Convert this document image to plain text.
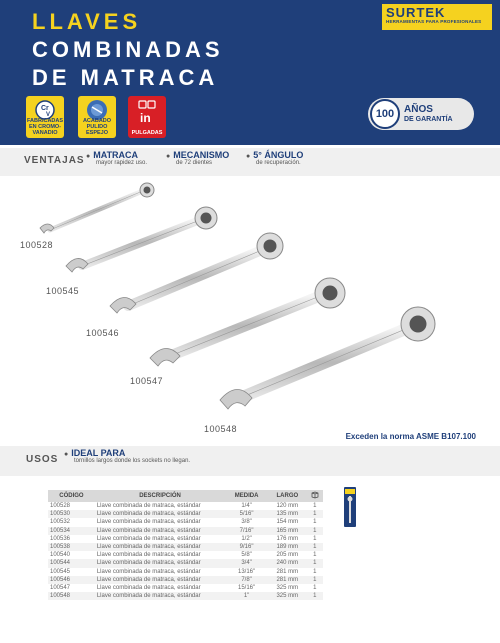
LLAVES
COMBINADAS
DE MATRACA
SURTEK
HERRAMIENTAS PARA PROFESIONALES
Cr
V
FABRICADAS EN CROMO-VANADIO
ACABADO PULIDO ESPEJO
in
PULGADAS
100 AÑOS
DE GARANTÍA
VENTAJAS ● MATRACA
mayor rapidez uso.
● MECANISMO
de 72 dientes
● 5° ÁNGULO
de recuperación.
100528
100545
100546
100547
100548
Exceden la norma ASME B107.100
USOS
● IDEAL PARA
tornillos largos donde los sockets no llegan.
CÓDIGO	DESCRIPCIÓN	MEDIDA	LARGO	
100528	Llave combinada de matraca, estándar	1/4"	120 mm	1
100530	Llave combinada de matraca, estándar	5/16"	135 mm	1
100532	Llave combinada de matraca, estándar	3/8"	154 mm	1
100534	Llave combinada de matraca, estándar	7/16"	165 mm	1
100536	Llave combinada de matraca, estándar	1/2"	176 mm	1
100538	Llave combinada de matraca, estándar	9/16"	189 mm	1
100540	Llave combinada de matraca, estándar	5/8"	205 mm	1
100544	Llave combinada de matraca, estándar	3/4"	240 mm	1
100545	Llave combinada de matraca, estándar	13/16"	281 mm	1
100546	Llave combinada de matraca, estándar	7/8"	281 mm	1
100547	Llave combinada de matraca, estándar	15/16"	325 mm	1
100548	Llave combinada de matraca, estándar	1"	325 mm	1
